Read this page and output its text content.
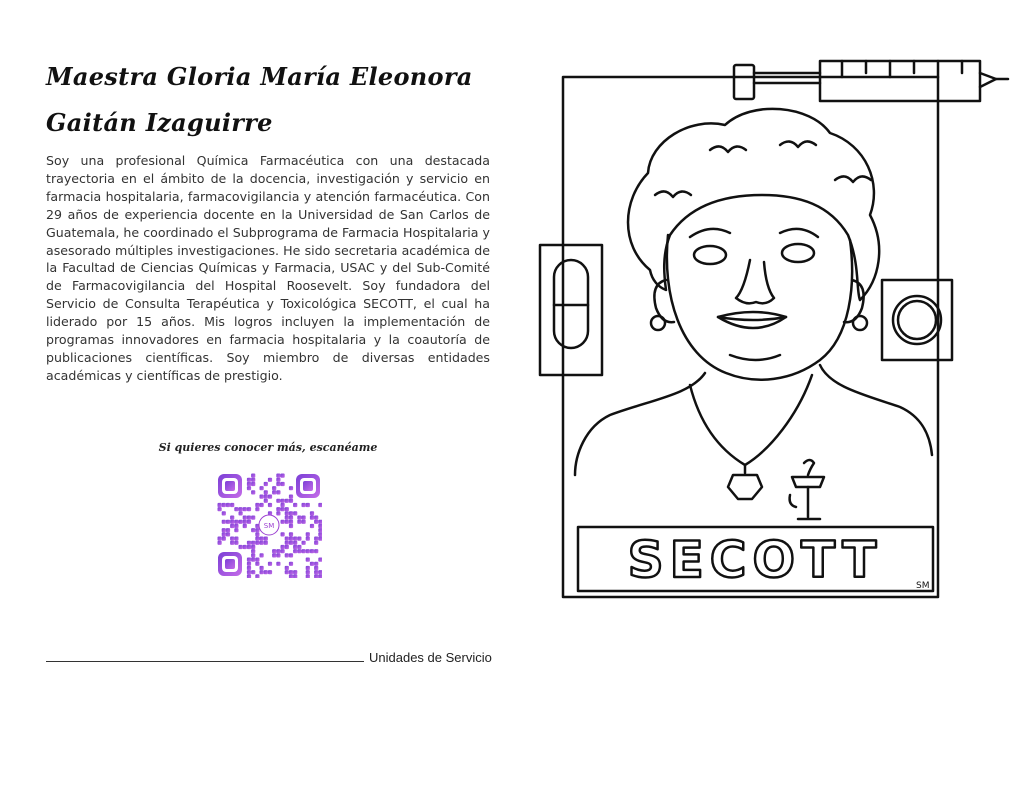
Maestra Gloria María Eleonora Gaitán Izaguirre
Soy una profesional Química Farmacéutica con una destacada trayectoria en el ámbito de la docencia, investigación y servicio en farmacia hospitalaria, farmacovigilancia y atención farmacéutica. Con 29 años de experiencia docente en la Universidad de San Carlos de Guatemala, he coordinado el Subprograma de Farmacia Hospitalaria y asesorado múltiples investigaciones. He sido secretaria académica de la Facultad de Ciencias Químicas y Farmacia, USAC y del Sub-Comité de Farmacovigilancia del Hospital Roosevelt. Soy fundadora del Servicio de Consulta Terapéutica y Toxicológica SECOTT, el cual ha liderado por 15 años. Mis logros incluyen la implementación de programas innovadores en farmacia hospitalaria y la coautoría de publicaciones científicas. Soy miembro de diversas entidades académicas y científicas de prestigio.
Si quieres conocer más, escanéame
SM
Unidades de Servicio
SECOTT	SM
